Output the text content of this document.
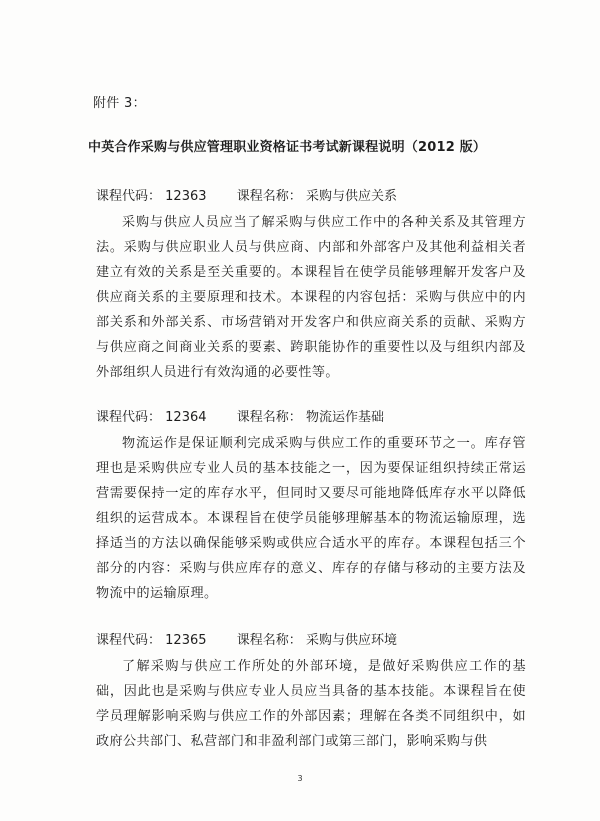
附件 3：
中英合作采购与供应管理职业资格证书考试新课程说明（2012 版）
课程代码： 12363 课程名称： 采购与供应关系
采购与供应人员应当了解采购与供应工作中的各种关系及其管理方法。采购与供应职业人员与供应商、内部和外部客户及其他利益相关者建立有效的关系是至关重要的。本课程旨在使学员能够理解开发客户及供应商关系的主要原理和技术。本课程的内容包括：采购与供应中的内部关系和外部关系、市场营销对开发客户和供应商关系的贡献、采购方与供应商之间商业关系的要素、跨职能协作的重要性以及与组织内部及外部组织人员进行有效沟通的必要性等。
课程代码： 12364 课程名称： 物流运作基础
物流运作是保证顺利完成采购与供应工作的重要环节之一。库存管理也是采购供应专业人员的基本技能之一，因为要保证组织持续正常运营需要保持一定的库存水平，但同时又要尽可能地降低库存水平以降低组织的运营成本。本课程旨在使学员能够理解基本的物流运输原理，选择适当的方法以确保能够采购或供应合适水平的库存。本课程包括三个部分的内容：采购与供应库存的意义、库存的存储与移动的主要方法及物流中的运输原理。
课程代码： 12365 课程名称： 采购与供应环境
了解采购与供应工作所处的外部环境，是做好采购供应工作的基础，因此也是采购与供应专业人员应当具备的基本技能。本课程旨在使学员理解影响采购与供应工作的外部因素；理解在各类不同组织中，如政府公共部门、私营部门和非盈利部门或第三部门，影响采购与供
3
